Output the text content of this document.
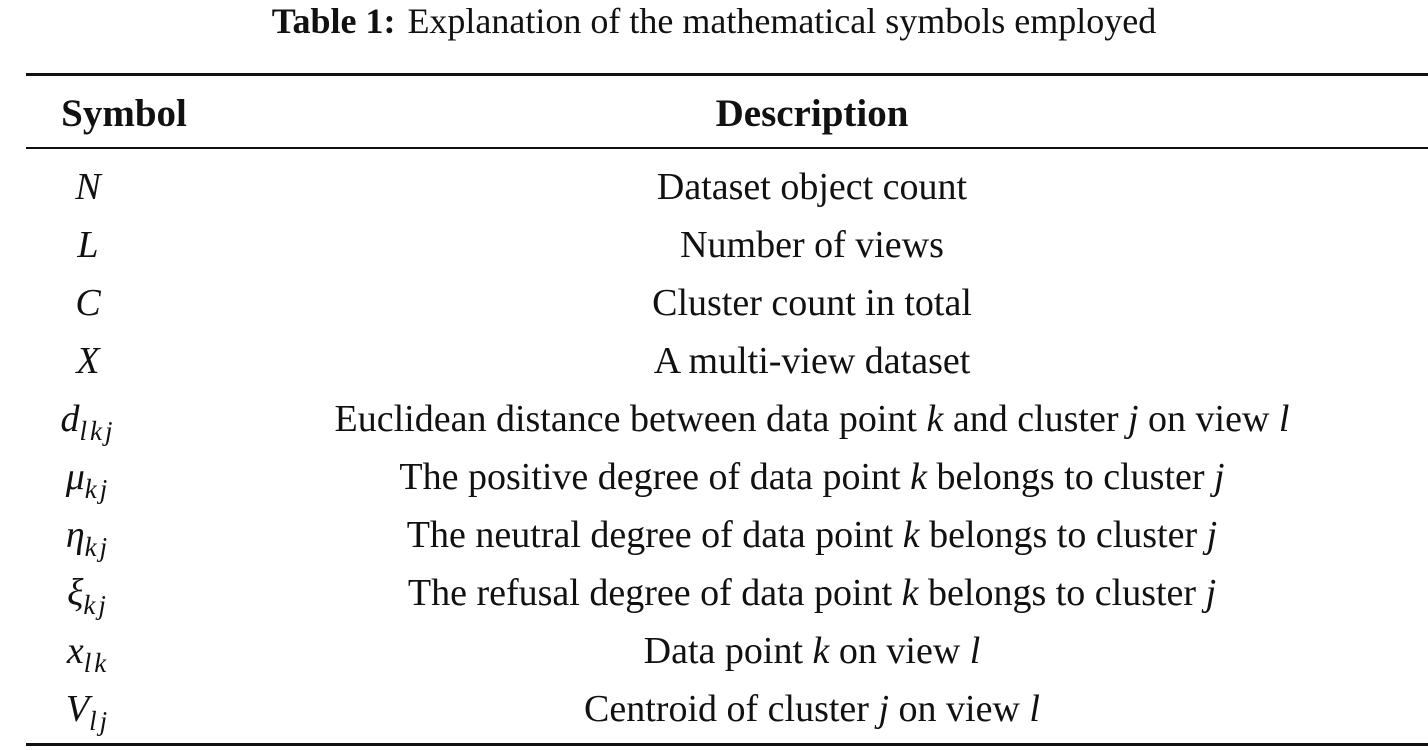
Table 1: Explanation of the mathematical symbols employed
Symbol	Description
N	Dataset object count
L	Number of views
C	Cluster count in total
X	A multi-view dataset
$d_{lkj}$	Euclidean distance between data point k and cluster j on view l
$\mu_{kj}$	The positive degree of data point k belongs to cluster j
$\eta_{kj}$	The neutral degree of data point k belongs to cluster j
$\xi_{kj}$	The refusal degree of data point k belongs to cluster j
$x_{lk}$	Data point k on view l
$V_{lj}$	Centroid of cluster j on view l
